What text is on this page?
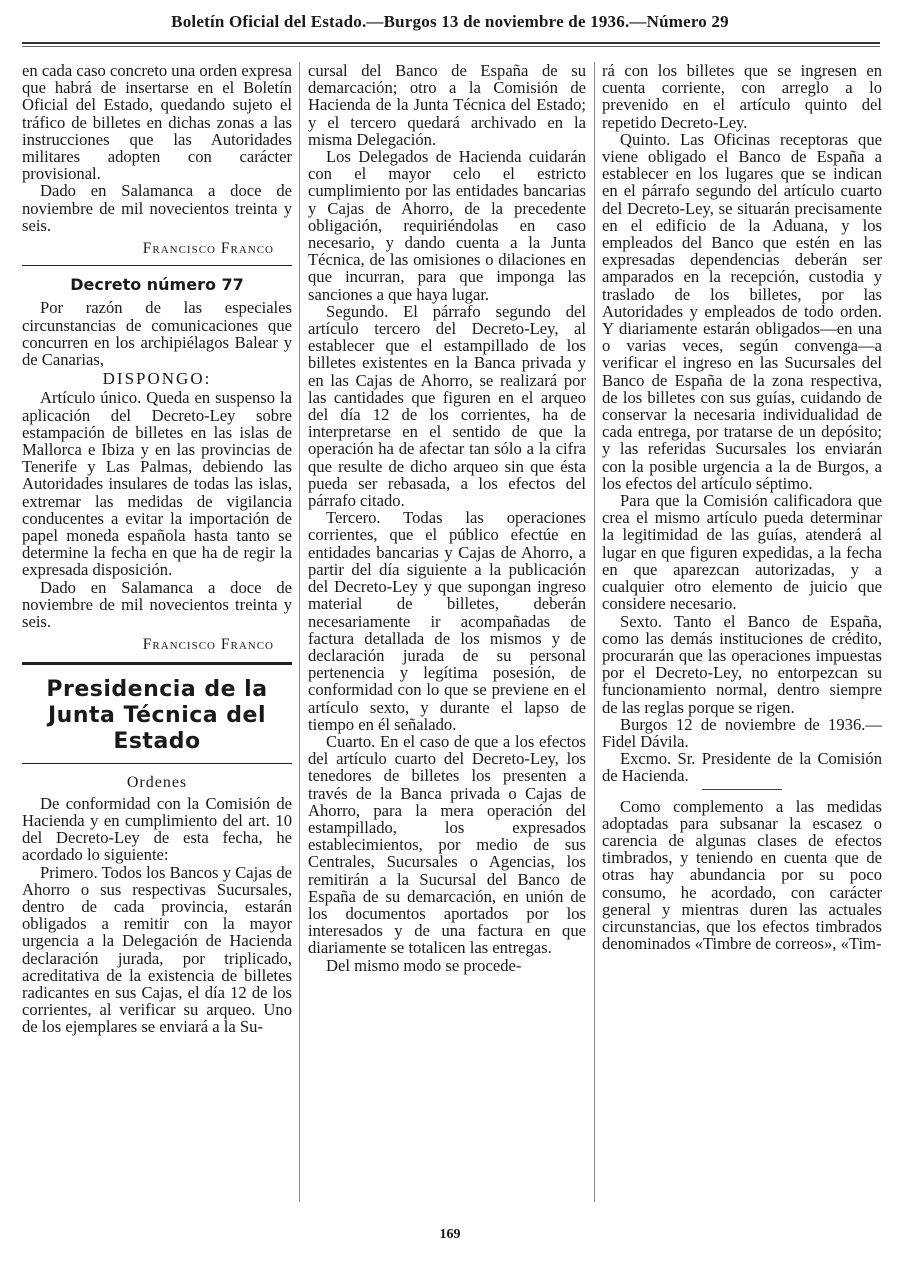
Boletín Oficial del Estado.—Burgos 13 de noviembre de 1936.—Número 29

en cada caso concreto una orden expresa que habrá de insertarse en el Boletín Oficial del Estado, quedando sujeto el tráfico de billetes en dichas zonas a las instrucciones que las Autoridades militares adopten con carácter provisional.

Dado en Salamanca a doce de noviembre de mil novecientos treinta y seis.

Francisco Franco

Decreto número 77

Por razón de las especiales circunstancias de comunicaciones que concurren en los archipiélagos Balear y de Canarias,

DISPONGO:

Artículo único. Queda en suspenso la aplicación del Decreto-Ley sobre estampación de billetes en las islas de Mallorca e Ibiza y en las provincias de Tenerife y Las Palmas, debiendo las Autoridades insulares de todas las islas, extremar las medidas de vigilancia conducentes a evitar la importación de papel moneda española hasta tanto se determine la fecha en que ha de regir la expresada disposición.

Dado en Salamanca a doce de noviembre de mil novecientos treinta y seis.

Francisco Franco

Presidencia de la Junta Técnica del Estado

Ordenes

De conformidad con la Comisión de Hacienda y en cumplimiento del art. 10 del Decreto-Ley de esta fecha, he acordado lo siguiente:

Primero. Todos los Bancos y Cajas de Ahorro o sus respectivas Sucursales, dentro de cada provincia, estarán obligados a remitir con la mayor urgencia a la Delegación de Hacienda declaración jurada, por triplicado, acreditativa de la existencia de billetes radicantes en sus Cajas, el día 12 de los corrientes, al verificar su arqueo. Uno de los ejemplares se enviará a la Su-

cursal del Banco de España de su demarcación; otro a la Comisión de Hacienda de la Junta Técnica del Estado; y el tercero quedará archivado en la misma Delegación.

Los Delegados de Hacienda cuidarán con el mayor celo el estricto cumplimiento por las entidades bancarias y Cajas de Ahorro, de la precedente obligación, requiriéndolas en caso necesario, y dando cuenta a la Junta Técnica, de las omisiones o dilaciones en que incurran, para que imponga las sanciones a que haya lugar.

Segundo. El párrafo segundo del artículo tercero del Decreto-Ley, al establecer que el estampillado de los billetes existentes en la Banca privada y en las Cajas de Ahorro, se realizará por las cantidades que figuren en el arqueo del día 12 de los corrientes, ha de interpretarse en el sentido de que la operación ha de afectar tan sólo a la cifra que resulte de dicho arqueo sin que ésta pueda ser rebasada, a los efectos del párrafo citado.

Tercero. Todas las operaciones corrientes, que el público efectúe en entidades bancarias y Cajas de Ahorro, a partir del día siguiente a la publicación del Decreto-Ley y que supongan ingreso material de billetes, deberán necesariamente ir acompañadas de factura detallada de los mismos y de declaración jurada de su personal pertenencia y legítima posesión, de conformidad con lo que se previene en el artículo sexto, y durante el lapso de tiempo en él señalado.

Cuarto. En el caso de que a los efectos del artículo cuarto del Decreto-Ley, los tenedores de billetes los presenten a través de la Banca privada o Cajas de Ahorro, para la mera operación del estampillado, los expresados establecimientos, por medio de sus Centrales, Sucursales o Agencias, los remitirán a la Sucursal del Banco de España de su demarcación, en unión de los documentos aportados por los interesados y de una factura en que diariamente se totalicen las entregas.

Del mismo modo se procede-

rá con los billetes que se ingresen en cuenta corriente, con arreglo a lo prevenido en el artículo quinto del repetido Decreto-Ley.

Quinto. Las Oficinas receptoras que viene obligado el Banco de España a establecer en los lugares que se indican en el párrafo segundo del artículo cuarto del Decreto-Ley, se situarán precisamente en el edificio de la Aduana, y los empleados del Banco que estén en las expresadas dependencias deberán ser amparados en la recepción, custodia y traslado de los billetes, por las Autoridades y empleados de todo orden. Y diariamente estarán obligados—en una o varias veces, según convenga—a verificar el ingreso en las Sucursales del Banco de España de la zona respectiva, de los billetes con sus guías, cuidando de conservar la necesaria individualidad de cada entrega, por tratarse de un depósito; y las referidas Sucursales los enviarán con la posible urgencia a la de Burgos, a los efectos del artículo séptimo.

Para que la Comisión calificadora que crea el mismo artículo pueda determinar la legitimidad de las guías, atenderá al lugar en que figuren expedidas, a la fecha en que aparezcan autorizadas, y a cualquier otro elemento de juicio que considere necesario.

Sexto. Tanto el Banco de España, como las demás instituciones de crédito, procurarán que las operaciones impuestas por el Decreto-Ley, no entorpezcan su funcionamiento normal, dentro siempre de las reglas porque se rigen.

Burgos 12 de noviembre de 1936.—Fidel Dávila.

Excmo. Sr. Presidente de la Comisión de Hacienda.

Como complemento a las medidas adoptadas para subsanar la escasez o carencia de algunas clases de efectos timbrados, y teniendo en cuenta que de otras hay abundancia por su poco consumo, he acordado, con carácter general y mientras duren las actuales circunstancias, que los efectos timbrados denominados «Timbre de correos», «Tim-

169
